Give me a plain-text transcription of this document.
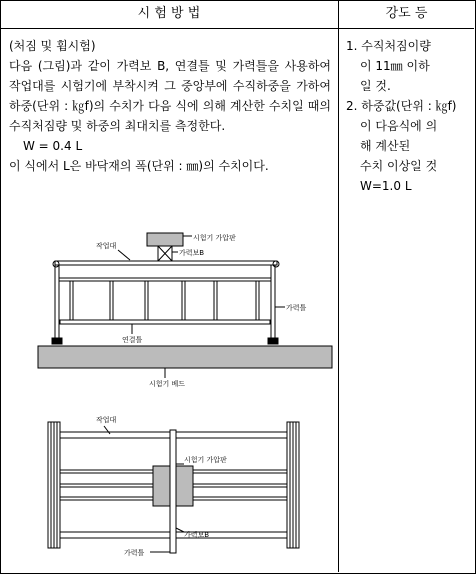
시 험 방 법	강도 등

(처짐 및 휨시험)

다음 (그림)과 같이 가력보 B, 연결틀 및 가력틀을 사용하여 작업대를 시험기에 부착시켜 그 중앙부에 수직하중을 가하여 하중(단위 : ㎏f)의 수치가 다음 식에 의해 계산한 수치일 때의 수직처짐량 및 하중의 최대치를 측정한다.

W = 0.4 L

이 식에서 L은 바닥재의 폭(단위 : ㎜)의 수치이다.

1. 수직처짐이량

이 11㎜ 이하

일 것.

2. 하중값(단위 : ㎏f)

이 다음식에 의

해 계산된

수치 이상일 것

W=1.0 L

시험기 가압판
가력보B
작업대
가력틀
연결틀
시험기 베드
작업대
시험기 가압판
가력보B
가력틀
